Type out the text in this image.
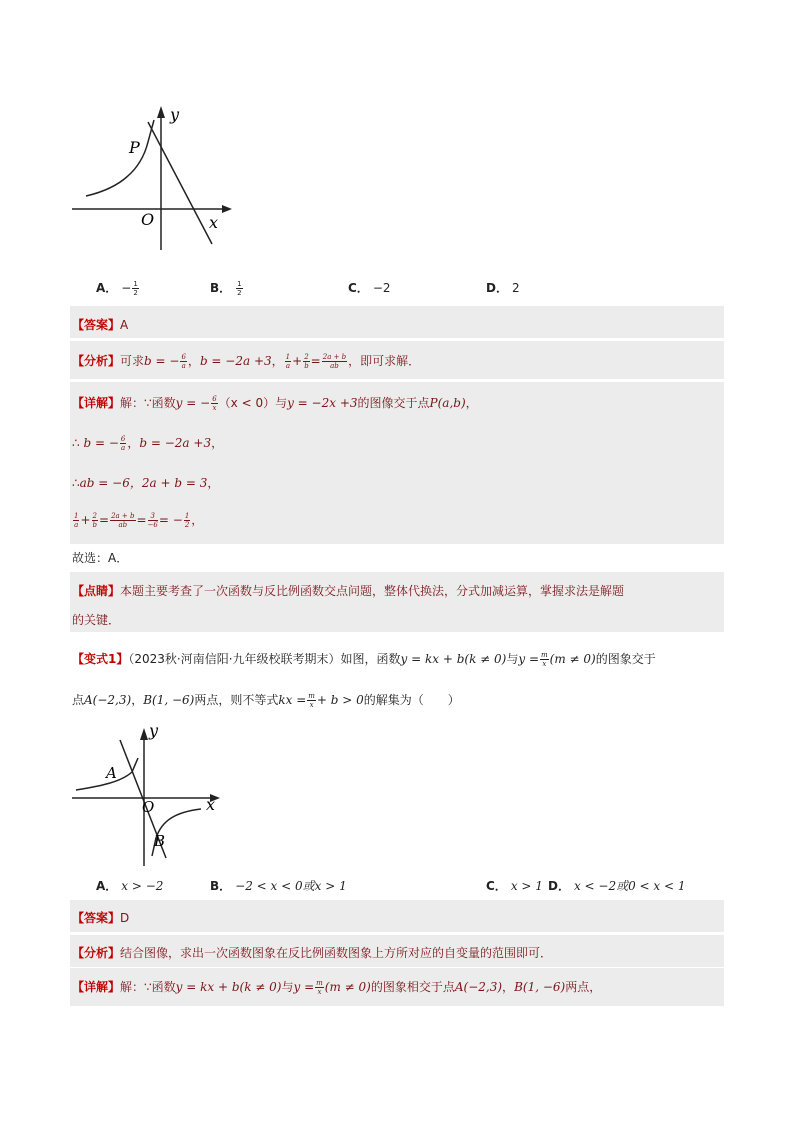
y
x
O
P
A． − $\frac{1}{2}$	B． $\frac{1}{2}$	C． −2	D． 2
【答案】A
【分析】可求b = − $\frac{6}{a}$ ，b = −2a +3， $\frac{1}{a} + \frac{2}{b} = \frac{2a + b}{ab}$ ，即可求解．
【详解】解：∵函数y = − $\frac{6}{x} (x < 0)$与y = −2x +3的图像交于点P(a,b)，
∴ b = − $\frac{6}{a}$ ，b = −2a +3，
∴ab = −6，2a + b = 3，
$\frac{1}{a} + \frac{2}{b} = \frac{2a + b}{ab} = \frac{3}{-6}$ = − $\frac{1}{2}$ ，
故选：A．
【点睛】本题主要考查了一次函数与反比例函数交点问题，整体代换法，分式加减运算，掌握求法是解题
的关键．
【变式1】（2023秋·河南信阳·九年级校联考期末）如图，函数y = kx + b(k ≠ 0)与$y = \frac{m}{x} (m \ne 0)$的图象交于
点A(−2,3)，B(1, −6)两点，则不等式kx = $\frac{m}{x} + b > 0$的解集为（　　）
y
x
O
A
B
A． x > −2	B． −2 < x < 0或x > 1	C． x > 1 D． x < −2或0 < x < 1
【答案】D
【分析】结合图像，求出一次函数图象在反比例函数图象上方所对应的自变量的范围即可．
【详解】解：∵函数y = kx + b(k ≠ 0)与$y = \frac{m}{x} (m \ne 0)$的图象相交于点A(−2,3)，B(1, −6)两点，
